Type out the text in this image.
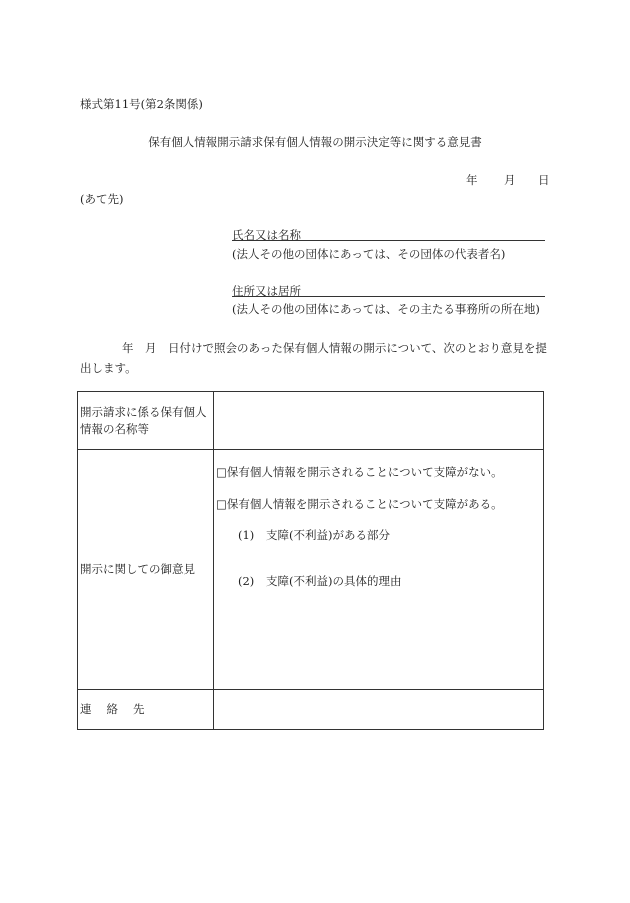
様式第11号(第2条関係)
保有個人情報開示請求保有個人情報の開示決定等に関する意見書
年 月 日
(あて先)
氏名又は名称
(法人その他の団体にあっては、その団体の代表者名)
住所又は居所
(法人その他の団体にあっては、その主たる事務所の所在地)
年　月　日付けで照会のあった保有個人情報の開示について、次のとおり意見を提出します。
開示請求に係る保有個人情報の名称等	
開示に関しての御意見	□保有個人情報を開示されることについて支障がない。
□保有個人情報を開示されることについて支障がある。
(1) 支障(不利益)がある部分
(2) 支障(不利益)の具体的理由

連 絡 先	
